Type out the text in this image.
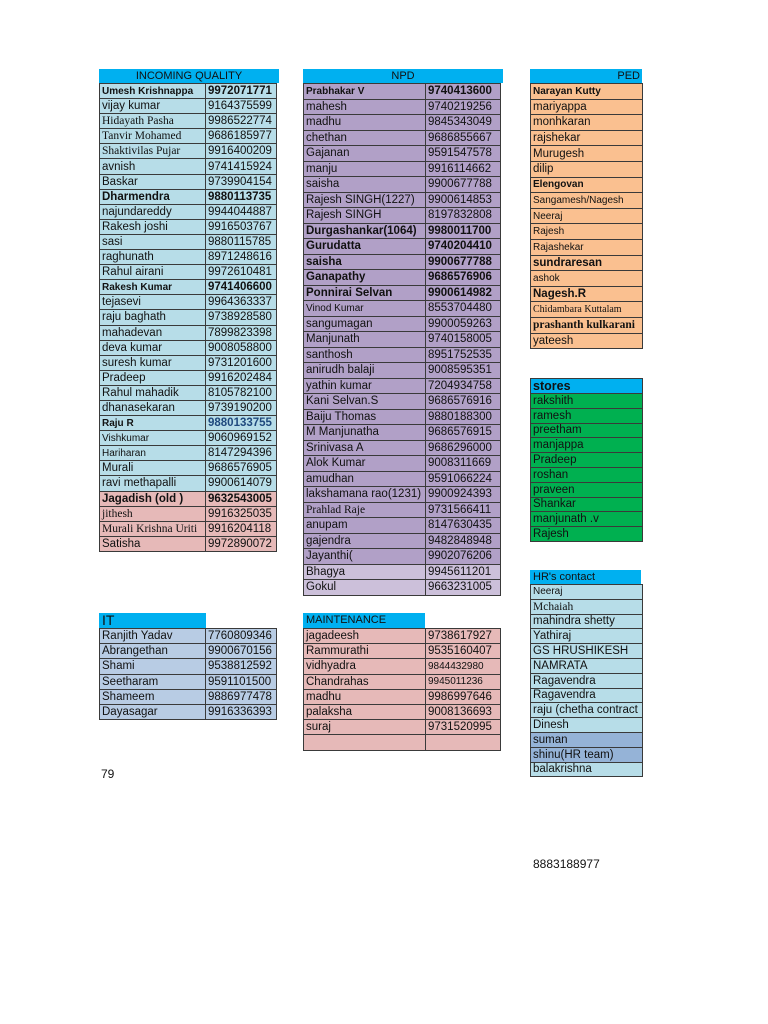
INCOMING QUALITY
Umesh Krishnappa	9972071771
vijay kumar	9164375599
Hidayath Pasha	9986522774
Tanvir Mohamed	9686185977
Shaktivilas Pujar	9916400209
avnish	9741415924
Baskar	9739904154
Dharmendra	9880113735
najundareddy	9944044887
Rakesh joshi	9916503767
sasi	9880115785
raghunath	8971248616
Rahul airani	9972610481
Rakesh Kumar	9741406600
tejasevi	9964363337
raju baghath	9738928580
mahadevan	7899823398
deva kumar	9008058800
suresh kumar	9731201600
Pradeep	9916202484
Rahul mahadik	8105782100
dhanasekaran	9739190200
Raju R	9880133755
Vishkumar	9060969152
Hariharan	8147294396
Murali	9686576905
ravi methapalli	9900614079
Jagadish (old )	9632543005
jithesh	9916325035
Murali Krishna Uriti	9916204118
Satisha	9972890072
NPD
Prabhakar V	9740413600
mahesh	9740219256
madhu	9845343049
chethan	9686855667
Gajanan	9591547578
manju	9916114662
saisha	9900677788
Rajesh SINGH(1227)	9900614853
Rajesh SINGH	8197832808
Durgashankar(1064)	9980011700
Gurudatta	9740204410
saisha	9900677788
Ganapathy	9686576906
Ponnirai Selvan	9900614982
Vinod Kumar	8553704480
sangumagan	9900059263
Manjunath	9740158005
santhosh	8951752535
anirudh balaji	9008595351
yathin kumar	7204934758
Kani Selvan.S	9686576916
Baiju Thomas	9880188300
M Manjunatha	9686576915
Srinivasa A	9686296000
Alok Kumar	9008311669
amudhan	9591066224
lakshamana rao(1231)	9900924393
Prahlad Raje	9731566411
anupam	8147630435
gajendra	9482848948
Jayanthi(	9902076206
Bhagya	9945611201
Gokul	9663231005
PED
Narayan Kutty
mariyappa
monhkaran
rajshekar
Murugesh
dilip
Elengovan
Sangamesh/Nagesh
Neeraj
Rajesh
Rajashekar
sundraresan
ashok
Nagesh.R
Chidambara Kuttalam
prashanth kulkarani
yateesh
stores
rakshith
ramesh
preetham
manjappa
Pradeep
roshan
praveen
Shankar
manjunath .v
Rajesh
HR's contact
Neeraj
Mchaiah
mahindra shetty
Yathiraj
GS HRUSHIKESH
NAMRATA
Ragavendra
Ragavendra
raju (chetha contract
Dinesh
suman
shinu(HR team)
balakrishna
IT
Ranjith Yadav	7760809346
Abrangethan	9900670156
Shami	9538812592
Seetharam	9591101500
Shameem	9886977478
Dayasagar	9916336393
MAINTENANCE
jagadeesh	9738617927
Rammurathi	9535160407
vidhyadra	9844432980
Chandrahas	9945011236
madhu	9986997646
palaksha	9008136693
suraj	9731520995

79
8883188977
